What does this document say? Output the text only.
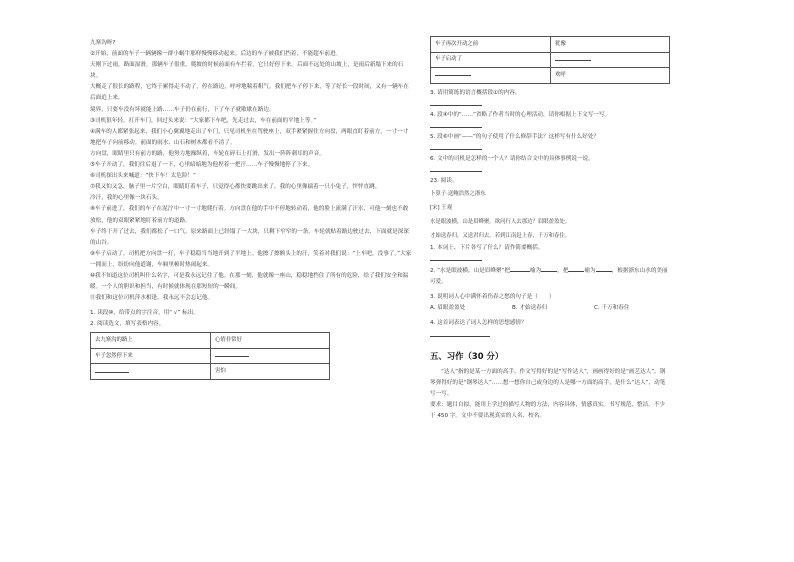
九寨沟呀?

②开始，前面的车子一辆辆像一群小蜗牛那样慢慢移动起来。后边的车子被我们挡着，不能超车前进。

天刚下过雨，路面湿滑，那辆车子很重，爬坡的时候前面有车拦着，它只好停下来。后面不远处的山坡上，是雨后新塌下来的石块。

大概走了很长的路程，它终于累得走不动了，停在路边，呼呼地喘着粗气。我们把车子停下来，等了好长一段时间，又有一辆车在后面追上来。

境界，只要车没有坏就能上路……车子仍在前行，下了车子就歇歇在路边。

③司机很年轻，打开车门，回过头来说：“大家都下车吧，先走过去，车在前面的平地上等。”

④满车的人都紧张起来，我们小心翼翼地走出了车门，只见司机坐在驾驶座上，双手紧紧握住方向盘，两眼直盯着前方，一寸一寸地把车子向前移动。前面的雨水、山石和树木都看不清了。

方向盘，眼睛里只有前方的路，他努力地操纵着，车轮在碎石上打滑，发出一阵阵刺耳的声音。

⑤车子开动了，我们往后退了一下，心里暗暗地为他捏着一把汗……车子慢慢地停了下来。

⑥司机探出头来喊道：“快下车！太危险！”

⑦我又怕又急，脑子里一片空白，眼睛盯着车子，只觉得心都快要跳出来了，我的心里像揣着一只小兔子，怦怦直跳。

冷汗，我的心里像一块石头。

⑧车子前进了，我们的车子在泥泞中一寸一寸地爬行着。方向盘在他的手中不停地转动着，他的脸上流满了汗水，可他一刻也不敢放松，他的双眼紧紧地盯着前方的道路。

车子终于开了过去，我们都松了一口气。原来路面上已经塌了一大块，只剩下窄窄的一条，车轮就贴着路边驶过去，下面就是深深的山谷。

⑨车子启动了，司机把方向盘一打，车子稳稳当当地开到了平地上。他擦了擦额头上的汗，笑着对我们说：“上车吧，没事了。”大家一拥而上，纷纷向他道谢，车厢里顿时热闹起来。

⑩我不知道这位司机叫什么名字，可是我永远记住了他。在那一刻，他就像一座山，稳稳地挡住了所有的危险，给了我们安全和温暖。一个人的胆识和担当，有时候就体现在那短短的一瞬间。

⑪我们和这位司机萍水相逢，我永远不会忘记他。

1. 读段⑩，给带点的字注音，用“ √” 标出。

2. 阅读选文，填写表格内容。

去九寨沟的路上	心情非常好
车子忽然停下来	
	害怕
车子再次开动之前	犹豫
车子启动了	
	欢呼

3. 请用简练的语言概括段①的内容。

4. 段④中的“……”省略了作者当时的心理活动，请你根据上下文写一写。

5. 段⑥中画“——”的句子使用了什么修辞手法？这样写有什么好处？

6. 文中的司机是怎样的一个人？请你结合文中的具体事例说一说。

23. 阅读。

卜算子·送鲍浩然之浙东

[宋] 王观

水是眼波横，山是眉峰聚。欲问行人去那边？眉眼盈盈处。

才始送春归，又送君归去。若到江南赶上春，千万和春住。

1. 本词上、下片各写了什么？请作简要概括。

2. “水是眼波横，山是眉峰聚”把	喻为	，把	喻为	，根据浙东山水的美丽可爱。

3. 说明词人心中满怀着伤春之愁的句子是（　　）

A. 眉眼盈盈处	B. 才始送春归	C. 千万和春住

4. 这首词表达了词人怎样的思想感情？

五、习作（30 分）

“达人”指的是某一方面的高手。作文写得好的是“写作达人”，画画得好的是“画艺达人”，钢琴弹得好的是“钢琴达人”……想一想你自己或身边的人是哪一方面的高手，是什么“达人”，动笔写一写。

要求：题目自拟，能用上学过的描写人物的方法，内容具体，情感真实。书写规范、整洁，不少于 450 字。文中不要出现真实的人名、校名。
